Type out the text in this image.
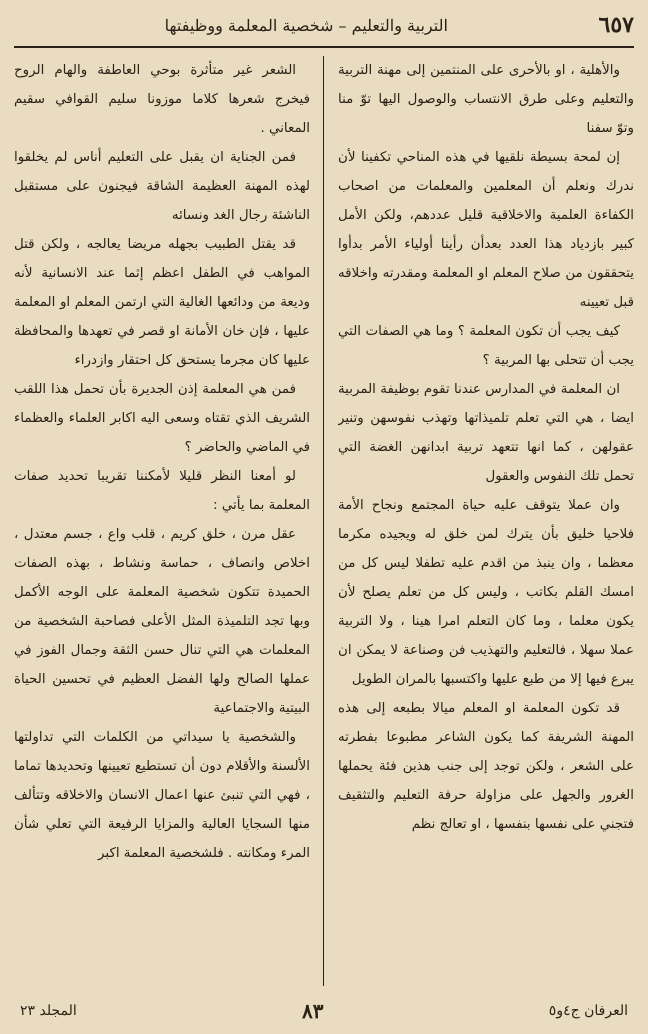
٦٥٧
التربية والتعليم – شخصية المعلمة ووظيفتها

والأهلية ، او بالأحرى على المنتمين إلى مهنة التربية والتعليم وعلى طرق الانتساب والوصول اليها توّ منا وتوّ سفنا

إن لمحة بسيطة نلقيها في هذه المناحي تكفينا لأن ندرك ونعلم أن المعلمين والمعلمات من اصحاب الكفاءة العلمية والاخلاقية قليل عددهم، ولكن الأمل كبير بازدياد هذا العدد بعدأن رأينا أولياء الأمر بدأوا يتحققون من صلاح المعلم او المعلمة ومقدرته واخلاقه قبل تعيينه

كيف يجب أن تكون المعلمة ؟ وما هي الصفات التي يجب أن تتحلى بها المربية ؟

ان المعلمة في المدارس عندنا تقوم بوظيفة المربية ايضا ، هي التي تعلم تلميذاتها وتهذب نفوسهن وتنير عقولهن ، كما انها تتعهد تربية ابدانهن الغضة التي تحمل تلك النفوس والعقول

وان عملا يتوقف عليه حياة المجتمع ونجاح الأمة فلاحيا خليق بأن يترك لمن خلق له ويجيده مكرما معظما ، وان ينبذ من اقدم عليه تطفلا ليس كل من امسك القلم بكاتب ، وليس كل من تعلم يصلح لأن يكون معلما ، وما كان التعلم امرا هينا ، ولا التربية عملا سهلا ، فالتعليم والتهذيب فن وصناعة لا يمكن ان يبرع فيها إلا من طبع عليها واكتسبها بالمران الطويل

قد تكون المعلمة او المعلم ميالا بطبعه إلى هذه المهنة الشريفة كما يكون الشاعر مطبوعا بفطرته على الشعر ، ولكن توجد إلى جنب هذين فئة يحملها الغرور والجهل على مزاولة حرفة التعليم والتثقيف فتجني على نفسها بنفسها ، او تعالج نظم

الشعر غير متأثرة بوحي العاطفة والهام الروح فيخرج شعرها كلاما موزونا سليم القوافي سقيم المعاني .

فمن الجناية ان يقبل على التعليم أناس لم يخلقوا لهذه المهنة العظيمة الشاقة فيجنون على مستقبل الناشئة رجال الغد ونسائه

قد يقتل الطبيب بجهله مريضا يعالجه ، ولكن قتل المواهب في الطفل اعظم إثما عند الانسانية لأنه وديعة من ودائعها الغالية التي ارتمن المعلم او المعلمة عليها ، فإن خان الأمانة او قصر في تعهدها والمحافظة عليها كان مجرما يستحق كل احتقار وازدراء

فمن هي المعلمة إذن الجديرة بأن تحمل هذا اللقب الشريف الذي تقتاه وسعى اليه اكابر العلماء والعظماء في الماضي والحاضر ؟

لو أمعنا النظر قليلا لأمكننا تقريبا تحديد صفات المعلمة بما يأتي :

عقل مرن ، خلق كريم ، قلب واع ، جسم معتدل ، اخلاص وانصاف ، حماسة ونشاط ، بهذه الصفات الحميدة تتكون شخصية المعلمة على الوجه الأكمل وبها تجد التلميذة المثل الأعلى فصاحبة الشخصية من المعلمات هي التي تنال حسن الثقة وجمال الفوز في عملها الصالح ولها الفضل العظيم في تحسين الحياة البيتية والاجتماعية

والشخصية يا سيداتي من الكلمات التي تداولتها الألسنة والأقلام دون أن تستطيع تعيينها وتحديدها تماما ، فهي التي تنبئ عنها اعمال الانسان والاخلاقه وتتألف منها السجايا العالية والمزايا الرفيعة التي تعلي شأن المرء ومكانته . فلشخصية المعلمة اكبر

العرفان ج٤و٥
٨٣
المجلد ٢٣
